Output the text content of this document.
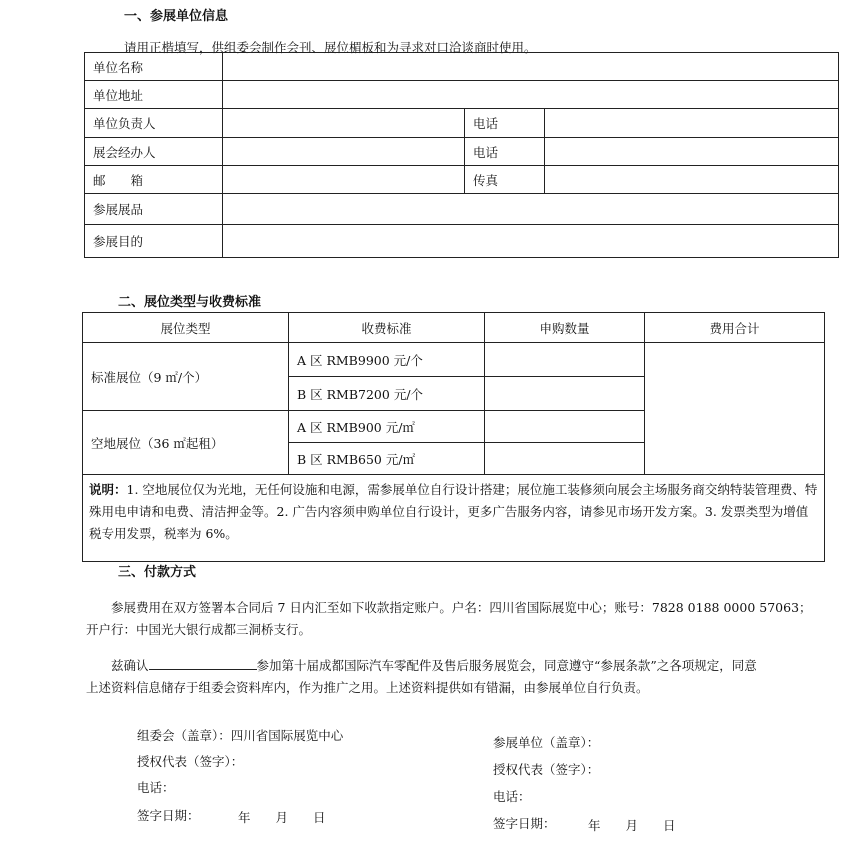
一、参展单位信息
请用正楷填写，供组委会制作会刊、展位楣板和为寻求对口洽谈商时使用。
单位名称			
单位地址			
单位负责人		电话	
展会经办人		电话	
邮　　箱		传真	
参展展品			
参展目的			
二、展位类型与收费标准
展位类型	收费标准	申购数量	费用合计
标准展位（9 ㎡/个）	A 区 RMB9900 元/个		
	B 区 RMB7200 元/个		
空地展位（36 ㎡起租）	A 区 RMB900 元/㎡		
	B 区 RMB650 元/㎡		
说明：1. 空地展位仅为光地，无任何设施和电源，需参展单位自行设计搭建；展位施工装修须向展会主场服务商交纳特装管理费、特殊用电申请和电费、清洁押金等。2. 广告内容须申购单位自行设计，更多广告服务内容，请参见市场开发方案。3. 发票类型为增值税专用发票，税率为 6%。
三、付款方式
参展费用在双方签署本合同后 7 日内汇至如下收款指定账户。户名：四川省国际展览中心；账号：7828 0188 0000 57063；开户行：中国光大银行成都三洞桥支行。
兹确认	参加第十届成都国际汽车零配件及售后服务展览会，同意遵守“参展条款”之各项规定，同意上述资料信息储存于组委会资料库内，作为推广之用。上述资料提供如有错漏，由参展单位自行负责。
组委会（盖章）：四川省国际展览中心
授权代表（签字）：
电话：
签字日期：	年　　月　　日
参展单位（盖章）：
授权代表（签字）：
电话：
签字日期：	年　　月　　日
